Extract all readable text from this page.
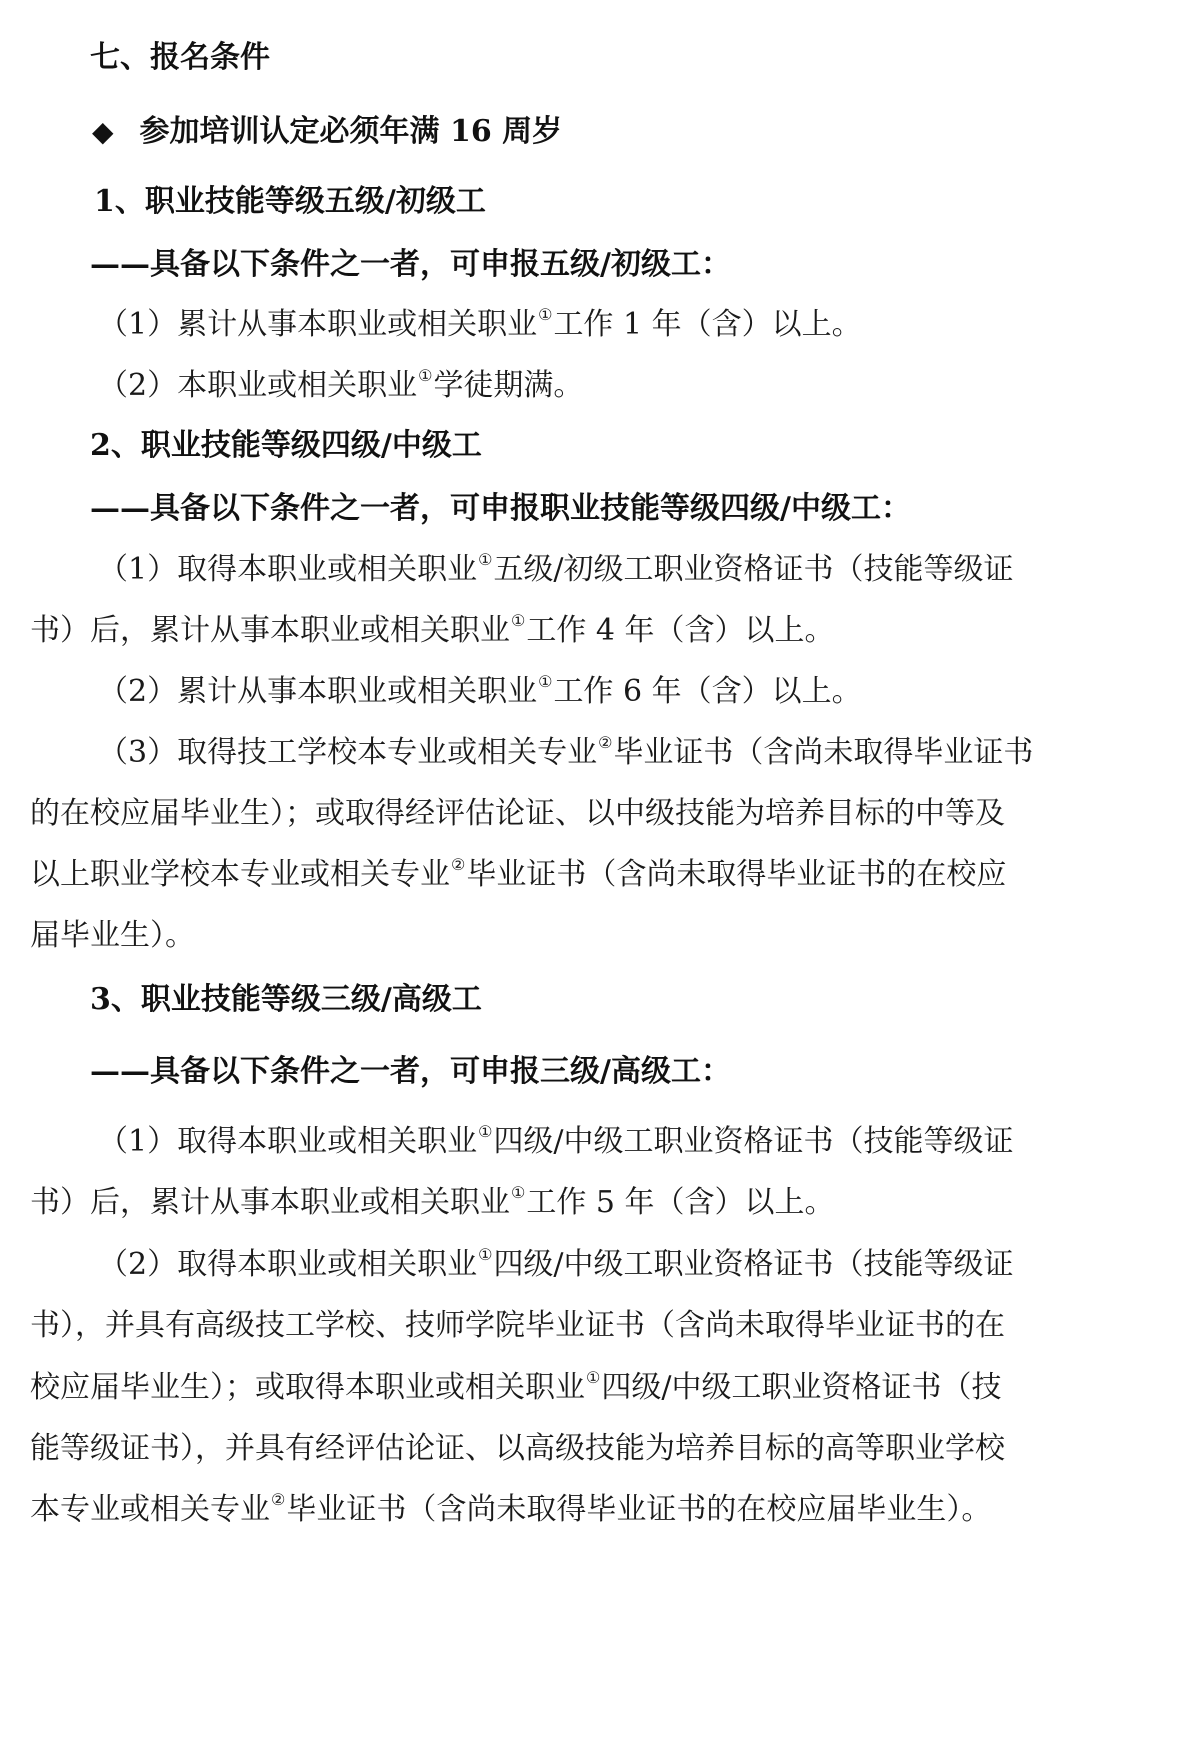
七、报名条件
◆ 参加培训认定必须年满 16 周岁
1、职业技能等级五级/初级工
——具备以下条件之一者，可申报五级/初级工：
（1）累计从事本职业或相关职业①工作 1 年（含）以上。
（2）本职业或相关职业①学徒期满。
2、职业技能等级四级/中级工
——具备以下条件之一者，可申报职业技能等级四级/中级工：
（1）取得本职业或相关职业①五级/初级工职业资格证书（技能等级证
书）后，累计从事本职业或相关职业①工作 4 年（含）以上。
（2）累计从事本职业或相关职业①工作 6 年（含）以上。
（3）取得技工学校本专业或相关专业②毕业证书（含尚未取得毕业证书
的在校应届毕业生）；或取得经评估论证、以中级技能为培养目标的中等及
以上职业学校本专业或相关专业②毕业证书（含尚未取得毕业证书的在校应
届毕业生）。
3、职业技能等级三级/高级工
——具备以下条件之一者，可申报三级/高级工：
（1）取得本职业或相关职业①四级/中级工职业资格证书（技能等级证
书）后，累计从事本职业或相关职业①工作 5 年（含）以上。
（2）取得本职业或相关职业①四级/中级工职业资格证书（技能等级证
书），并具有高级技工学校、技师学院毕业证书（含尚未取得毕业证书的在
校应届毕业生）；或取得本职业或相关职业①四级/中级工职业资格证书（技
能等级证书），并具有经评估论证、以高级技能为培养目标的高等职业学校
本专业或相关专业②毕业证书（含尚未取得毕业证书的在校应届毕业生）。
